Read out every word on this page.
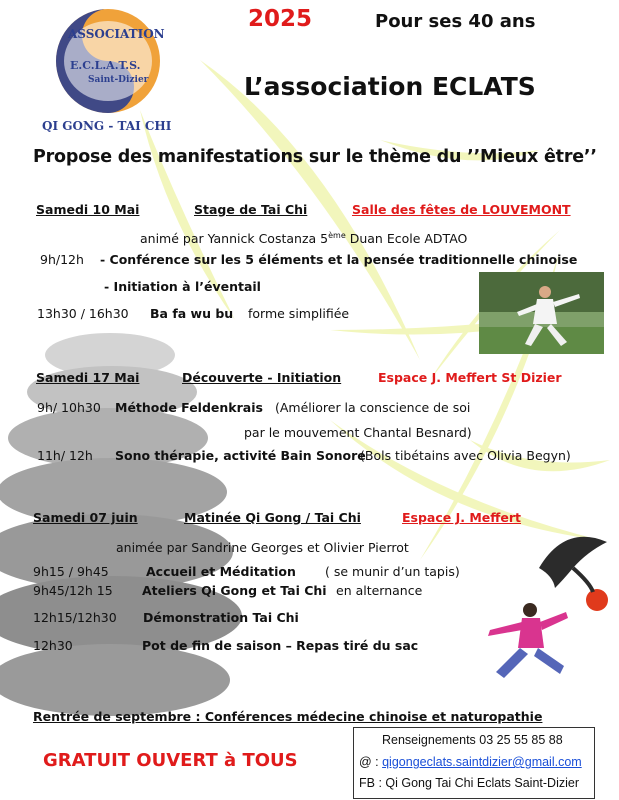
ASSOCIATION
E.C.L.A.T.S.
Saint-Dizier
QI GONG - TAI CHI
2025	Pour ses 40 ans
L’association ECLATS
Propose des manifestations sur le thème du ’’Mieux être’’
Samedi 10 Mai	Stage de Tai Chi	Salle des fêtes de LOUVEMONT
animé par Yannick Costanza 5ème Duan Ecole ADTAO
9h/12h - Conférence sur les 5 éléments et la pensée traditionnelle chinoise
- Initiation à l’éventail
13h30 / 16h30 Ba fa wu bu forme simplifiée
Samedi 17 Mai	Découverte - Initiation	Espace J. Meffert St Dizier
9h/ 10h30 Méthode Feldenkrais (Améliorer la conscience de soi
par le mouvement Chantal Besnard)
11h/ 12h Sono thérapie, activité Bain Sonore
(Bols tibétains avec Olivia Begyn)
Samedi 07 juin	Matinée Qi Gong / Tai Chi	Espace J. Meffert
animée par Sandrine Georges et Olivier Pierrot
9h15 / 9h45	Accueil et Méditation ( se munir d’un tapis)
9h45/12h 15 Ateliers Qi Gong et Tai Chi en alternance
12h15/12h30 Démonstration Tai Chi
12h30	Pot de fin de saison – Repas tiré du sac
Rentrée de septembre : Conférences médecine chinoise et naturopathie
GRATUIT OUVERT à TOUS
Renseignements 03 25 55 85 88
@ : qigongeclats.saintdizier@gmail.com
FB : Qi Gong Tai Chi Eclats Saint-Dizier
